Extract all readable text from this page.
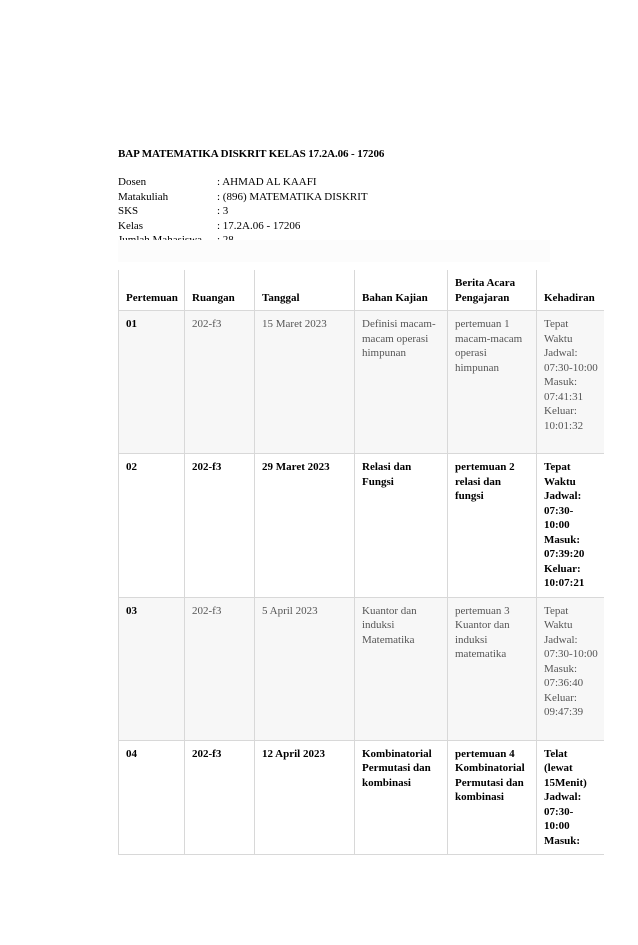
BAP MATEMATIKA DISKRIT KELAS 17.2A.06 - 17206
Dosen	: AHMAD AL KAAFI
Matakuliah	: (896) MATEMATIKA DISKRIT
SKS	: 3
Kelas	: 17.2A.06 - 17206
Pertemuan	Ruangan	Tanggal	Bahan Kajian	Berita Acara Pengajaran	Kehadiran
01	202-f3	15 Maret 2023	Definisi macam-macam operasi himpunan	pertemuan 1 macam-macam operasi himpunan	Tepat Waktu Jadwal: 07:30-10:00 Masuk: 07:41:31 Keluar: 10:01:32
02	202-f3	29 Maret 2023	Relasi dan Fungsi	pertemuan 2 relasi dan fungsi	Tepat Waktu Jadwal: 07:30-10:00 Masuk: 07:39:20 Keluar: 10:07:21
03	202-f3	5 April 2023	Kuantor dan induksi Matematika	pertemuan 3 Kuantor dan induksi matematika	Tepat Waktu Jadwal: 07:30-10:00 Masuk: 07:36:40 Keluar: 09:47:39
04	202-f3	12 April 2023	Kombinatorial Permutasi dan kombinasi	pertemuan 4 Kombinatorial Permutasi dan kombinasi	Telat (lewat 15Menit) Jadwal: 07:30-10:00 Masuk:
